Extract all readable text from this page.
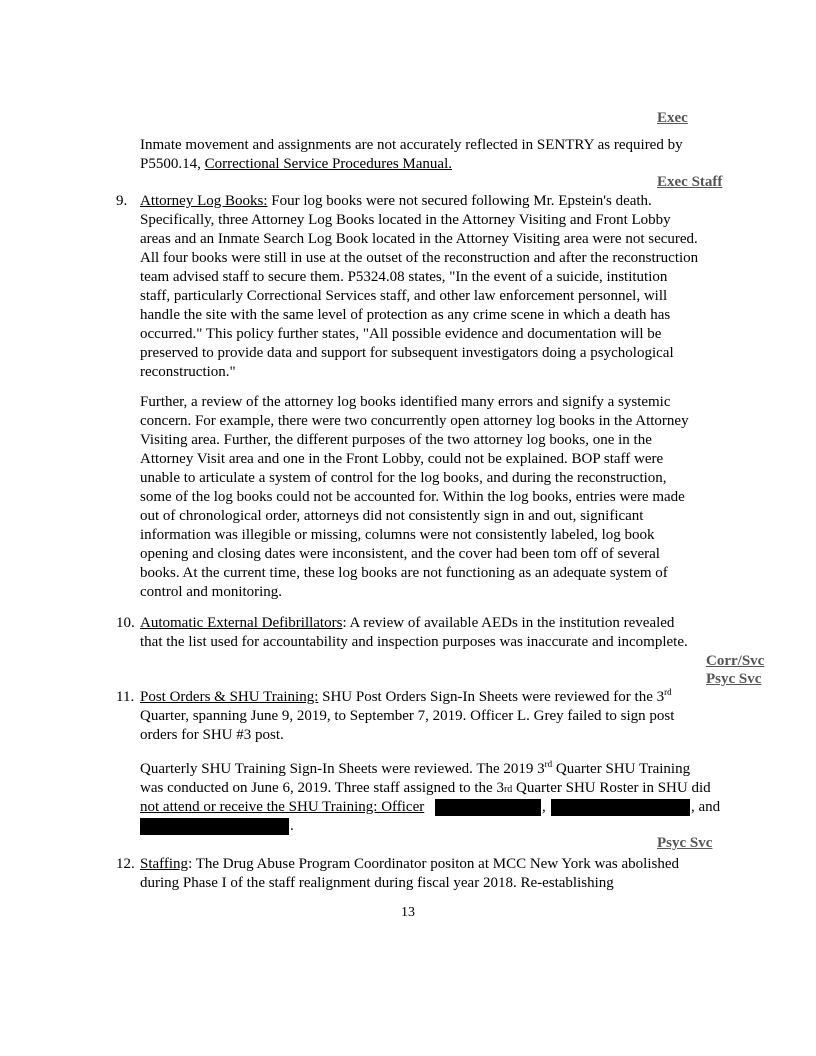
Exec
Inmate movement and assignments are not accurately reflected in SENTRY as required by
P5500.14, Correctional Service Procedures Manual.
Exec Staff
9. Attorney Log Books: Four log books were not secured following Mr. Epstein's death.
Specifically, three Attorney Log Books located in the Attorney Visiting and Front Lobby
areas and an Inmate Search Log Book located in the Attorney Visiting area were not secured.
All four books were still in use at the outset of the reconstruction and after the reconstruction
team advised staff to secure them. P5324.08 states, "In the event of a suicide, institution
staff, particularly Correctional Services staff, and other law enforcement personnel, will
handle the site with the same level of protection as any crime scene in which a death has
occurred." This policy further states, "All possible evidence and documentation will be
preserved to provide data and support for subsequent investigators doing a psychological
reconstruction."
Further, a review of the attorney log books identified many errors and signify a systemic
concern. For example, there were two concurrently open attorney log books in the Attorney
Visiting area. Further, the different purposes of the two attorney log books, one in the
Attorney Visit area and one in the Front Lobby, could not be explained. BOP staff were
unable to articulate a system of control for the log books, and during the reconstruction,
some of the log books could not be accounted for. Within the log books, entries were made
out of chronological order, attorneys did not consistently sign in and out, significant
information was illegible or missing, columns were not consistently labeled, log book
opening and closing dates were inconsistent, and the cover had been tom off of several
books. At the current time, these log books are not functioning as an adequate system of
control and monitoring.
10. Automatic External Defibrillators: A review of available AEDs in the institution revealed
that the list used for accountability and inspection purposes was inaccurate and incomplete.
Corr/Svc
Psyc Svc
11. Post Orders & SHU Training: SHU Post Orders Sign-In Sheets were reviewed for the 3rd
Quarter, spanning June 9, 2019, to September 7, 2019. Officer L. Grey failed to sign post
orders for SHU #3 post.
Quarterly SHU Training Sign-In Sheets were reviewed. The 2019 3rd Quarter SHU Training
was conducted on June 6, 2019. Three staff assigned to the 3rd Quarter SHU Roster in SHU did
not attend or receive the SHU Training: Officer	,	, and
.
Psyc Svc
12. Staffing: The Drug Abuse Program Coordinator positon at MCC New York was abolished
during Phase I of the staff realignment during fiscal year 2018. Re-establishing
13
